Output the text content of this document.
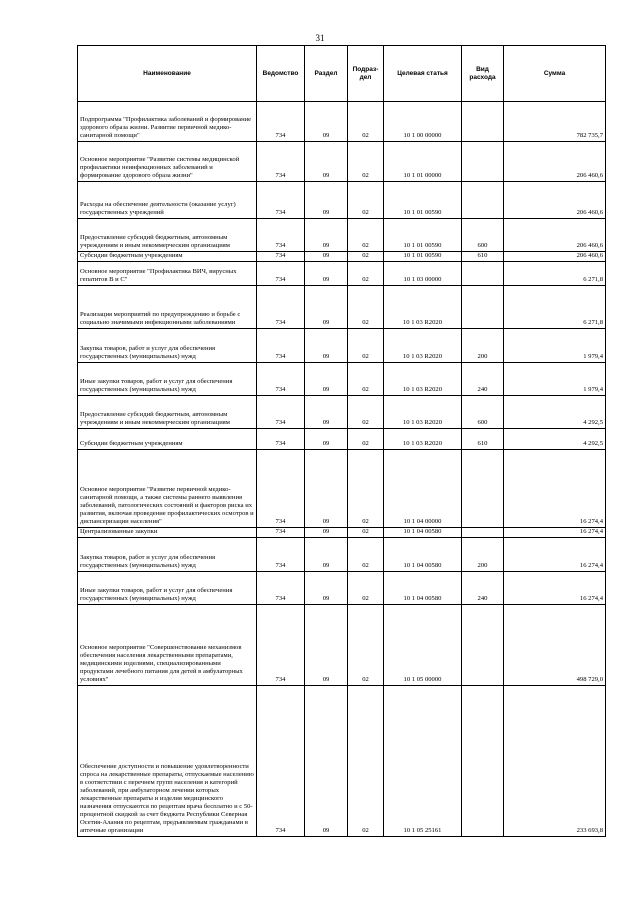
31
Наименование	Ведомство	Раздел	Подраз-дел	Целевая статья	Вид расхода	Сумма
Подпрограмма "Профилактика заболеваний и формирование здорового образа жизни. Развитие первичной медико-санитарной помощи"	734	09	02	10 1 00 00000		782 735,7
Основное мероприятие "Развитие системы медицинской профилактики неинфекционных заболеваний и формирование здорового образа жизни"	734	09	02	10 1 01 00000		206 460,6
Расходы на обеспечение деятельности (оказание услуг) государственных учреждений	734	09	02	10 1 01 00590		206 460,6
Предоставление субсидий бюджетным, автономным учреждениям и иным некоммерческим организациям	734	09	02	10 1 01 00590	600	206 460,6
Субсидии бюджетным учреждениям	734	09	02	10 1 01 00590	610	206 460,6
Основное мероприятие "Профилактика ВИЧ, вирусных гепатитов В и С"	734	09	02	10 1 03 00000		6 271,8
Реализация мероприятий по предупреждению и борьбе с социально значимыми инфекционными заболеваниями	734	09	02	10 1 03 R2020		6 271,8
Закупка товаров, работ и услуг для обеспечения государственных (муниципальных) нужд	734	09	02	10 1 03 R2020	200	1 979,4
Иные закупки товаров, работ и услуг для обеспечения государственных (муниципальных) нужд	734	09	02	10 1 03 R2020	240	1 979,4
Предоставление субсидий бюджетным, автономным учреждениям и иным некоммерческим организациям	734	09	02	10 1 03 R2020	600	4 292,5
Субсидии бюджетным учреждениям	734	09	02	10 1 03 R2020	610	4 292,5
Основное мероприятие "Развитие первичной медико-санитарной помощи, а также системы раннего выявления заболеваний, патологических состояний и факторов риска их развития, включая проведение профилактических осмотров и диспансеризации населения"	734	09	02	10 1 04 00000		16 274,4
Централизованные закупки	734	09	02	10 1 04 00580		16 274,4
Закупка товаров, работ и услуг для обеспечения государственных (муниципальных) нужд	734	09	02	10 1 04 00580	200	16 274,4
Иные закупки товаров, работ и услуг для обеспечения государственных (муниципальных) нужд	734	09	02	10 1 04 00580	240	16 274,4
Основное мероприятие "Совершенствование механизмов обеспечения населения лекарственными препаратами, медицинскими изделиями, специализированными продуктами лечебного питания для детей в амбулаторных условиях"	734	09	02	10 1 05 00000		498 729,0
Обеспечение доступности и повышение удовлетворенности спроса на лекарственные препараты, отпускаемые населению в соответствии с перечнем групп населения и категорий заболеваний, при амбулаторном лечении которых лекарственные препараты и изделия медицинского назначения отпускаются по рецептам врача бесплатно и с 50-процентной скидкой за счет бюджета Республики Северная Осетия-Алания по рецептам, предъявляемым гражданами в аптечные организации	734	09	02	10 1 05 25161		233 693,8
